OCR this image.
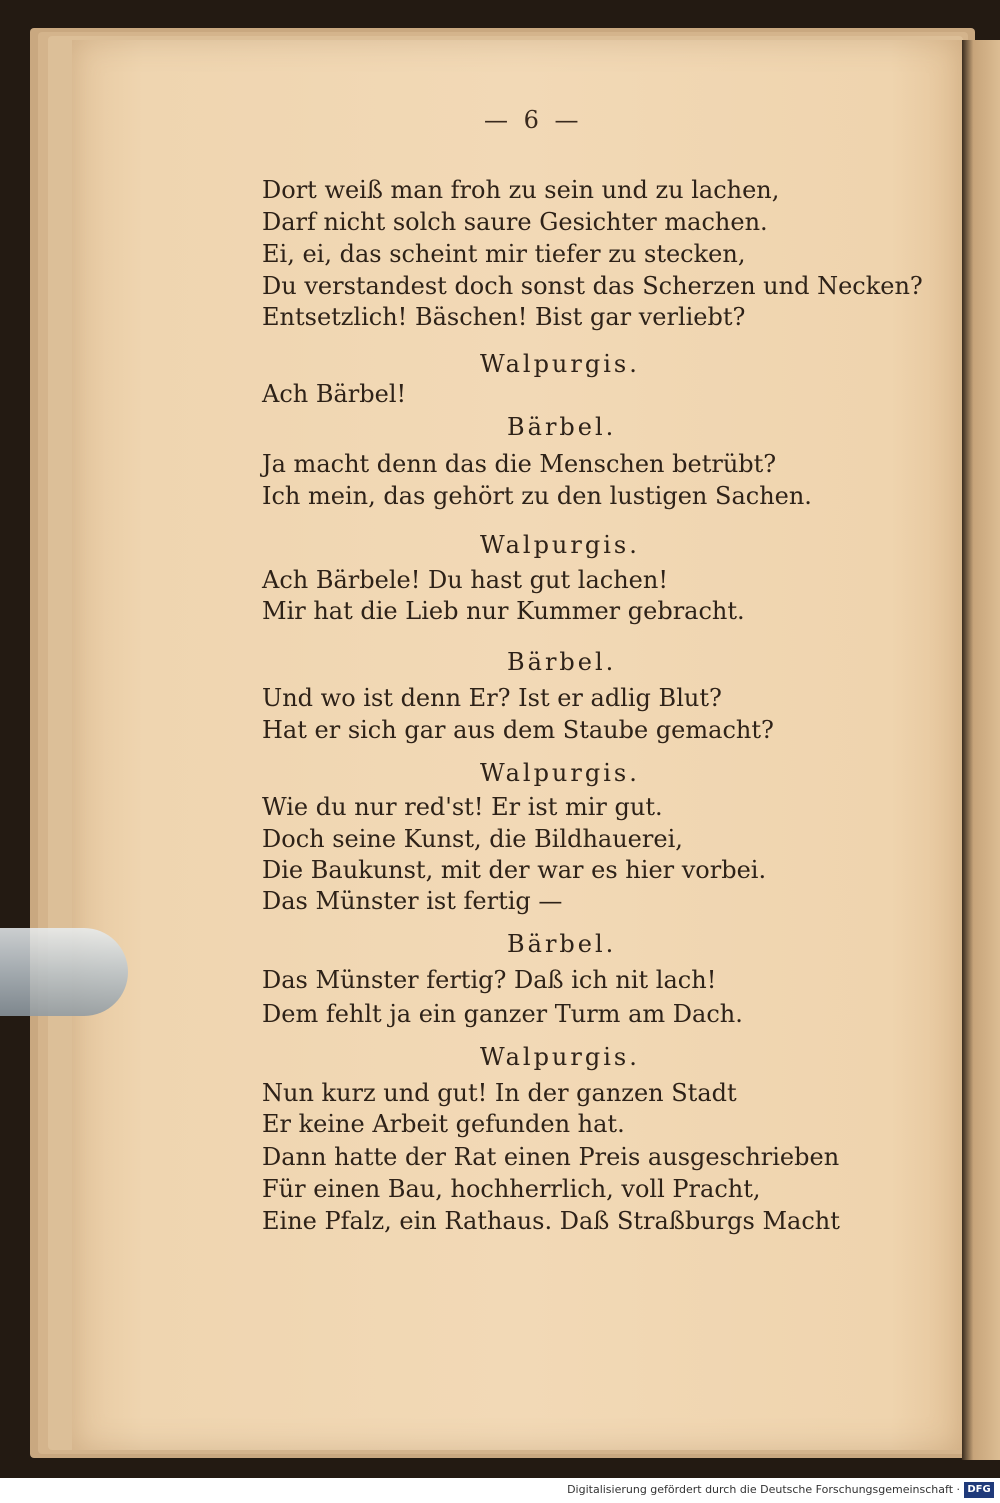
— 6 —
Dort weiß man froh zu sein und zu lachen,
Darf nicht solch saure Gesichter machen.
Ei, ei, das scheint mir tiefer zu stecken,
Du verstandest doch sonst das Scherzen und Necken?
Entsetzlich! Bäschen! Bist gar verliebt?
Walpurgis.
Ach Bärbel!
Bärbel.
Ja macht denn das die Menschen betrübt?
Ich mein, das gehört zu den lustigen Sachen.
Walpurgis.
Ach Bärbele! Du hast gut lachen!
Mir hat die Lieb nur Kummer gebracht.
Bärbel.
Und wo ist denn Er? Ist er adlig Blut?
Hat er sich gar aus dem Staube gemacht?
Walpurgis.
Wie du nur red'st! Er ist mir gut.
Doch seine Kunst, die Bildhauerei,
Die Baukunst, mit der war es hier vorbei.
Das Münster ist fertig —
Bärbel.
Das Münster fertig? Daß ich nit lach!
Dem fehlt ja ein ganzer Turm am Dach.
Walpurgis.
Nun kurz und gut! In der ganzen Stadt
Er keine Arbeit gefunden hat.
Dann hatte der Rat einen Preis ausgeschrieben
Für einen Bau, hochherrlich, voll Pracht,
Eine Pfalz, ein Rathaus. Daß Straßburgs Macht
Digitalisierung gefördert durch die Deutsche Forschungsgemeinschaft · DFG
